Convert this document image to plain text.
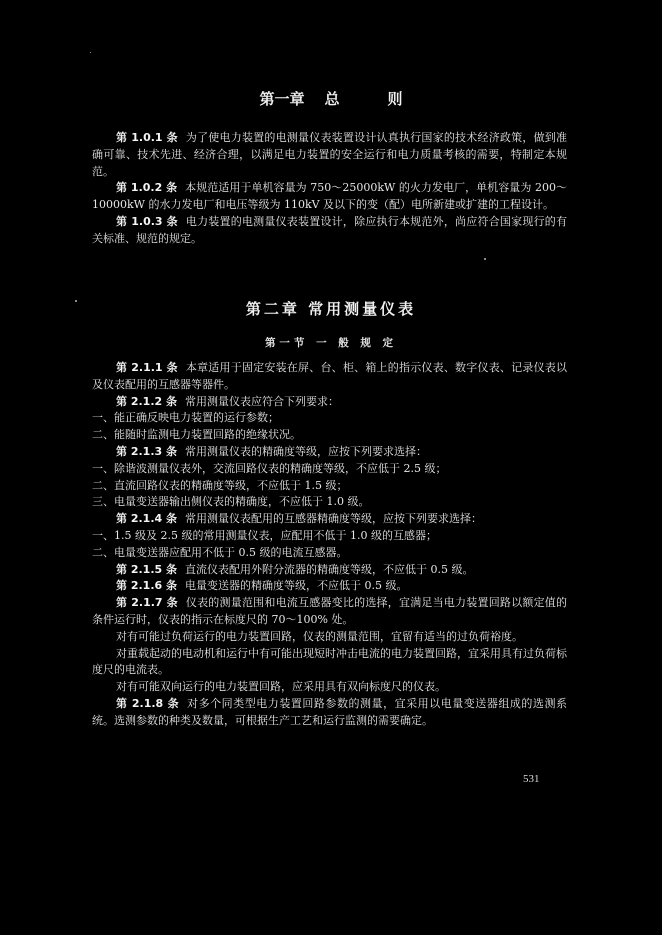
第一章 总	则
第 1.0.1 条 为了使电力装置的电测量仪表装置设计认真执行国家的技术经济政策，做到准确可靠、技术先进、经济合理，以满足电力装置的安全运行和电力质量考核的需要，特制定本规范。
第 1.0.2 条 本规范适用于单机容量为 750～25000kW 的火力发电厂，单机容量为 200～10000kW 的水力发电厂和电压等级为 110kV 及以下的变（配）电所新建或扩建的工程设计。
第 1.0.3 条 电力装置的电测量仪表装置设计，除应执行本规范外，尚应符合国家现行的有关标准、规范的规定。
第二章 常用测量仪表
第一节 一 般 规 定
第 2.1.1 条 本章适用于固定安装在屏、台、柜、箱上的指示仪表、数字仪表、记录仪表以及仪表配用的互感器等器件。
第 2.1.2 条 常用测量仪表应符合下列要求：
一、能正确反映电力装置的运行参数；
二、能随时监测电力装置回路的绝缘状况。
第 2.1.3 条 常用测量仪表的精确度等级，应按下列要求选择：
一、除谐波测量仪表外，交流回路仪表的精确度等级，不应低于 2.5 级；
二、直流回路仪表的精确度等级，不应低于 1.5 级；
三、电量变送器输出侧仪表的精确度，不应低于 1.0 级。
第 2.1.4 条 常用测量仪表配用的互感器精确度等级，应按下列要求选择：
一、1.5 级及 2.5 级的常用测量仪表，应配用不低于 1.0 级的互感器；
二、电量变送器应配用不低于 0.5 级的电流互感器。
第 2.1.5 条 直流仪表配用外附分流器的精确度等级，不应低于 0.5 级。
第 2.1.6 条 电量变送器的精确度等级，不应低于 0.5 级。
第 2.1.7 条 仪表的测量范围和电流互感器变比的选择，宜满足当电力装置回路以额定值的条件运行时，仪表的指示在标度尺的 70～100% 处。
对有可能过负荷运行的电力装置回路，仪表的测量范围，宜留有适当的过负荷裕度。
对重载起动的电动机和运行中有可能出现短时冲击电流的电力装置回路，宜采用具有过负荷标度尺的电流表。
对有可能双向运行的电力装置回路，应采用具有双向标度尺的仪表。
第 2.1.8 条 对多个同类型电力装置回路参数的测量，宜采用以电量变送器组成的选测系统。选测参数的种类及数量，可根据生产工艺和运行监测的需要确定。
531
